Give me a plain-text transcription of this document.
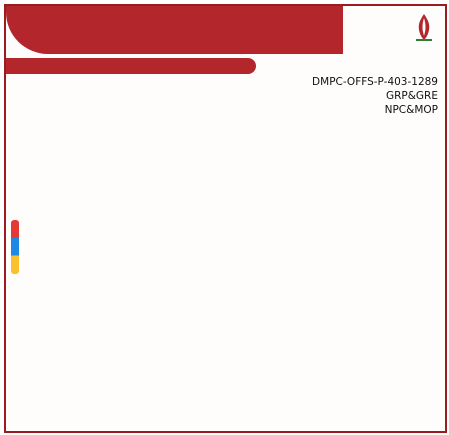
DMPC-OFFS-P-403-1289

GRP&GRE

NPC&MOP
